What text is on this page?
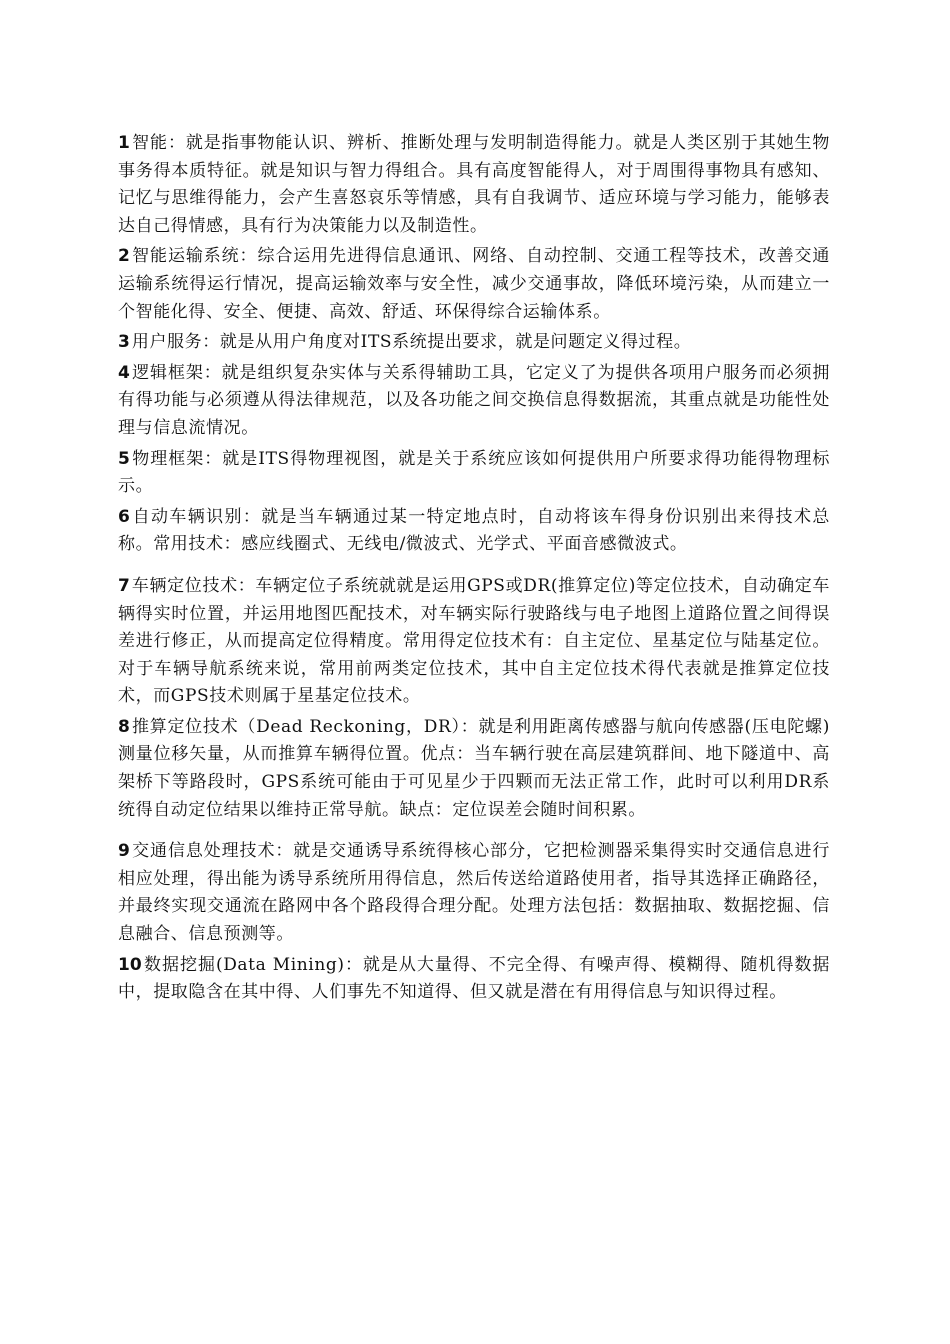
1 智能：就是指事物能认识、辨析、推断处理与发明制造得能力。就是人类区别于其她生物事务得本质特征。就是知识与智力得组合。具有高度智能得人，对于周围得事物具有感知、记忆与思维得能力，会产生喜怒哀乐等情感，具有自我调节、适应环境与学习能力，能够表达自己得情感，具有行为决策能力以及制造性。

2 智能运输系统：综合运用先进得信息通讯、网络、自动控制、交通工程等技术，改善交通运输系统得运行情况，提高运输效率与安全性，减少交通事故，降低环境污染，从而建立一个智能化得、安全、便捷、高效、舒适、环保得综合运输体系。

3 用户服务：就是从用户角度对ITS系统提出要求，就是问题定义得过程。

4 逻辑框架：就是组织复杂实体与关系得辅助工具，它定义了为提供各项用户服务而必须拥有得功能与必须遵从得法律规范，以及各功能之间交换信息得数据流，其重点就是功能性处理与信息流情况。

5 物理框架：就是ITS得物理视图，就是关于系统应该如何提供用户所要求得功能得物理标示。

6 自动车辆识别：就是当车辆通过某一特定地点时，自动将该车得身份识别出来得技术总称。常用技术：感应线圈式、无线电/微波式、光学式、平面音感微波式。

7 车辆定位技术：车辆定位子系统就就是运用GPS或DR(推算定位)等定位技术，自动确定车辆得实时位置，并运用地图匹配技术，对车辆实际行驶路线与电子地图上道路位置之间得误差进行修正，从而提高定位得精度。常用得定位技术有：自主定位、星基定位与陆基定位。对于车辆导航系统来说，常用前两类定位技术，其中自主定位技术得代表就是推算定位技术，而GPS技术则属于星基定位技术。

8 推算定位技术（Dead Reckoning，DR）：就是利用距离传感器与航向传感器(压电陀螺)测量位移矢量，从而推算车辆得位置。优点：当车辆行驶在高层建筑群间、地下隧道中、高架桥下等路段时，GPS系统可能由于可见星少于四颗而无法正常工作，此时可以利用DR系统得自动定位结果以维持正常导航。缺点：定位误差会随时间积累。

9 交通信息处理技术：就是交通诱导系统得核心部分，它把检测器采集得实时交通信息进行相应处理，得出能为诱导系统所用得信息，然后传送给道路使用者，指导其选择正确路径，并最终实现交通流在路网中各个路段得合理分配。处理方法包括：数据抽取、数据挖掘、信息融合、信息预测等。

10 数据挖掘(Data Mining)：就是从大量得、不完全得、有噪声得、模糊得、随机得数据中，提取隐含在其中得、人们事先不知道得、但又就是潜在有用得信息与知识得过程。
